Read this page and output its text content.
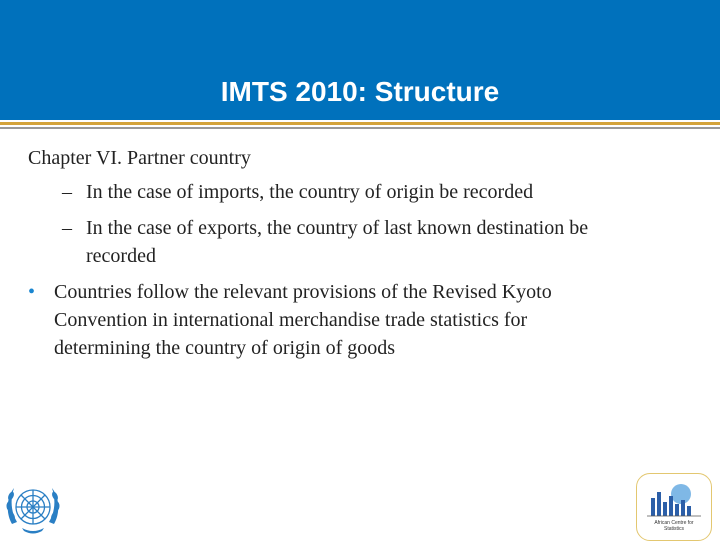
IMTS 2010: Structure
Chapter VI. Partner country
– In the case of imports, the country of origin be recorded
– In the case of exports, the country of last known destination be
recorded
• Countries follow the relevant provisions of the Revised Kyoto
Convention in international merchandise trade statistics for
determining the country of origin of goods
African Centre for
Statistics
